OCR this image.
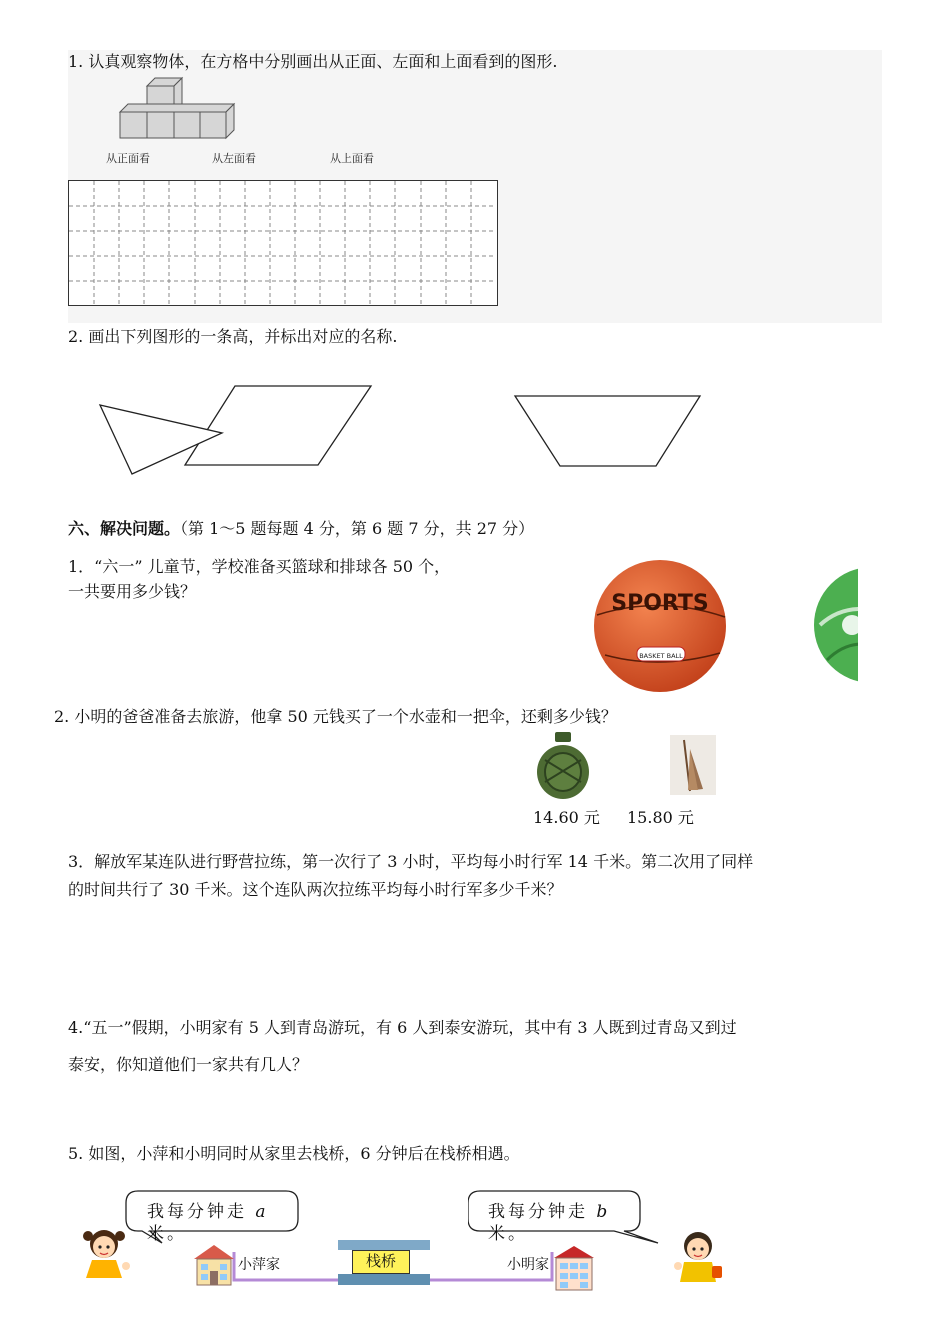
1. 认真观察物体，在方格中分别画出从正面、左面和上面看到的图形.
从正面看	从左面看	从上面看
2. 画出下列图形的一条高，并标出对应的名称.
六、解决问题。（第 1～5 题每题 4 分，第 6 题 7 分，共 27 分）
1．“六一” 儿童节，学校准备买篮球和排球各 50 个，
一共要用多少钱？	SPORTS
BASKET BALL
2. 小明的爸爸准备去旅游，他拿 50 元钱买了一个水壶和一把伞，还剩多少钱？
14.60 元 15.80 元
3．解放军某连队进行野营拉练，第一次行了 3 小时，平均每小时行军 14 千米。第二次用了同样
的时间共行了 30 千米。这个连队两次拉练平均每小时行军多少千米？
4.“五一”假期，小明家有 5 人到青岛游玩，有 6 人到泰安游玩，其中有 3 人既到过青岛又到过
泰安，你知道他们一家共有几人？
5. 如图，小萍和小明同时从家里去栈桥，6 分钟后在栈桥相遇。
我每分钟走 a
米。
我每分钟走 b
米。
小萍家	小明家
栈桥
